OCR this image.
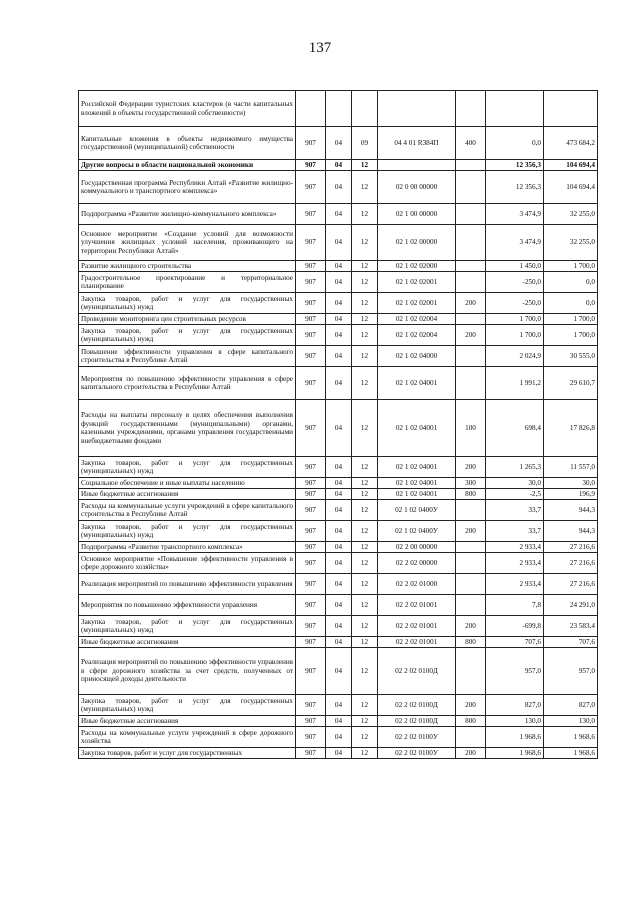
137
Российской Федерации туристских кластеров (в части капитальных вложений в объекты государственной собственности)							
Капитальные вложения в объекты недвижимого имущества государственной (муниципальной) собственности	907	04	09	04 4 01 R384П	400	0,0	473 684,2
Другие вопросы в области национальной экономики	907	04	12			12 356,3	104 694,4
Государственная программа Республики Алтай «Развитие жилищно-коммунального и транспортного комплекса»	907	04	12	02 0 00 00000		12 356,3	104 694,4
Подпрограмма «Развитие жилищно-коммунального комплекса»	907	04	12	02 1 00 00000		3 474,9	32 255,0
Основное мероприятие «Создание условий для возможности улучшения жилищных условий населения, проживающего на территории Республики Алтай»	907	04	12	02 1 02 00000		3 474,9	32 255,0
Развитие жилищного строительства	907	04	12	02 1 02 02000		1 450,0	1 700,0
Градостроительное проектирование и территориальное планирование	907	04	12	02 1 02 02001		-250,0	0,0
Закупка товаров, работ и услуг для государственных (муниципальных) нужд	907	04	12	02 1 02 02001	200	-250,0	0,0
Проведение мониторинга цен строительных ресурсов	907	04	12	02 1 02 02004		1 700,0	1 700,0
Закупка товаров, работ и услуг для государственных (муниципальных) нужд	907	04	12	02 1 02 02004	200	1 700,0	1 700,0
Повышение эффективности управления в сфере капитального строительства в Республике Алтай	907	04	12	02 1 02 04000		2 024,9	30 555,0
Мероприятия по повышению эффективности управления в сфере капитального строительства в Республике Алтай	907	04	12	02 1 02 04001		1 991,2	29 610,7
Расходы на выплаты персоналу в целях обеспечения выполнения функций государственными (муниципальными) органами, казенными учреждениями, органами управления государственными внебюджетными фондами	907	04	12	02 1 02 04001	100	698,4	17 826,8
Закупка товаров, работ и услуг для государственных (муниципальных) нужд	907	04	12	02 1 02 04001	200	1 265,3	11 557,0
Социальное обеспечение и иные выплаты населению	907	04	12	02 1 02 04001	300	30,0	30,0
Иные бюджетные ассигнования	907	04	12	02 1 02 04001	800	-2,5	196,9
Расходы на коммунальные услуги учреждений в сфере капитального строительства в Республике Алтай	907	04	12	02 1 02 0400У		33,7	944,3
Закупка товаров, работ и услуг для государственных (муниципальных) нужд	907	04	12	02 1 02 0400У	200	33,7	944,3
Подпрограмма «Развитие транспортного комплекса»	907	04	12	02 2 00 00000		2 933,4	27 216,6
Основное мероприятие «Повышение эффективности управления в сфере дорожного хозяйства»	907	04	12	02 2 02 00000		2 933,4	27 216,6
Реализация мероприятий по повышению эффективности управления	907	04	12	02 2 02 01000		2 933,4	27 216,6
Мероприятия по повышению эффективности управления	907	04	12	02 2 02 01001		7,8	24 291,0
Закупка товаров, работ и услуг для государственных (муниципальных) нужд	907	04	12	02 2 02 01001	200	-699,8	23 583,4
Иные бюджетные ассигнования	907	04	12	02 2 02 01001	800	707,6	707,6
Реализация мероприятий по повышению эффективности управления в сфере дорожного хозяйства за счет средств, полученных от приносящей доходы деятельности	907	04	12	02 2 02 0100Д		957,0	957,0
Закупка товаров, работ и услуг для государственных (муниципальных) нужд	907	04	12	02 2 02 0100Д	200	827,0	827,0
Иные бюджетные ассигнования	907	04	12	02 2 02 0100Д	800	130,0	130,0
Расходы на коммунальные услуги учреждений в сфере дорожного хозяйства	907	04	12	02 2 02 0100У		1 968,6	1 968,6
Закупка товаров, работ и услуг для государственных	907	04	12	02 2 02 0100У	200	1 968,6	1 968,6
